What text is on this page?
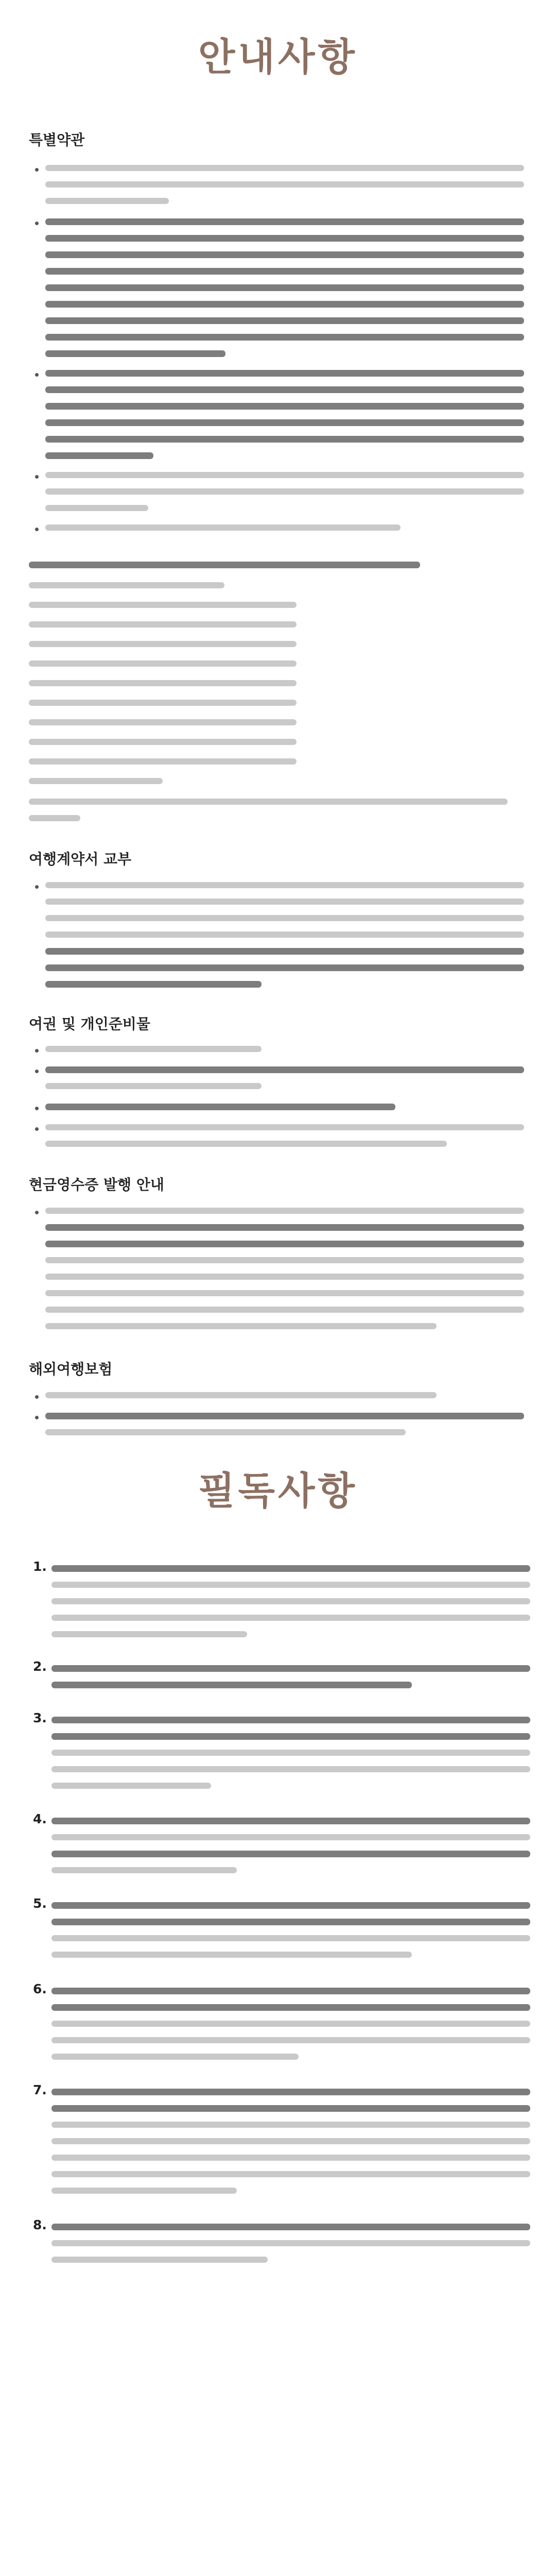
안내사항
특별약관
여행계약서 교부
여권 및 개인준비물
현금영수증 발행 안내
해외여행보험
필독사항
1.
2.
3.
4.
5.
6.
7.
8.
